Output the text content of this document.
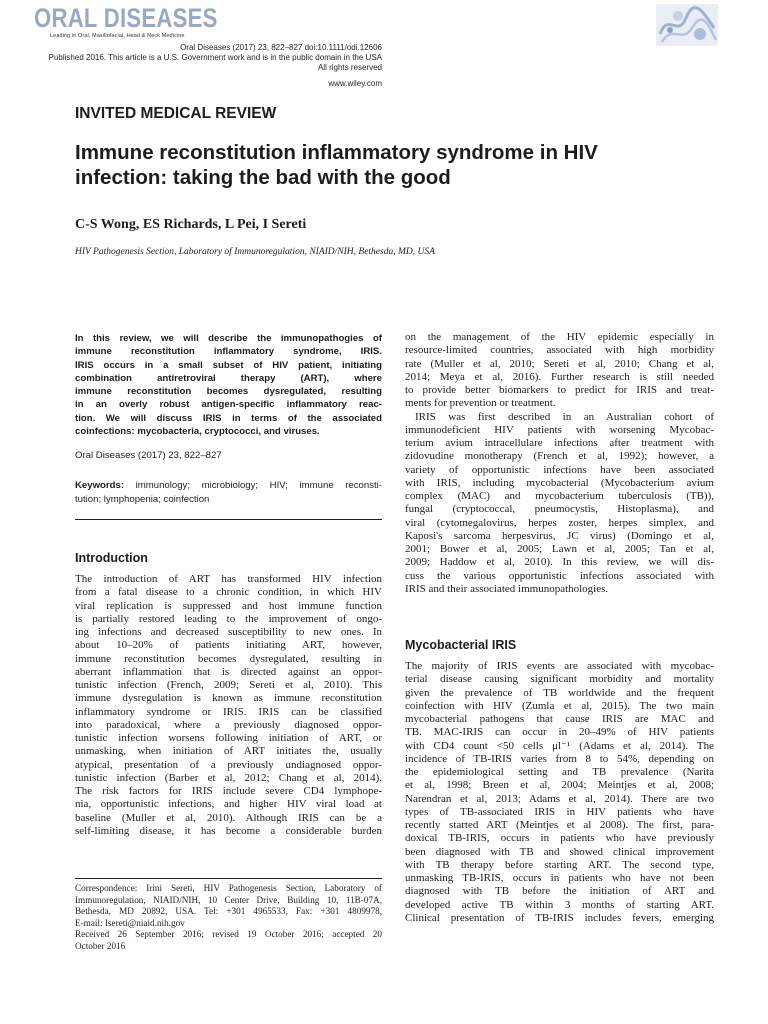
ORAL DISEASES
Leading in Oral, Maxillofacial, Head & Neck Medicine
Oral Diseases (2017) 23, 822–827 doi:10.1111/odi.12606
Published 2016. This article is a U.S. Government work and is in the public domain in the USA
All rights reserved
www.wiley.com
INVITED MEDICAL REVIEW
Immune reconstitution inflammatory syndrome in HIV
infection: taking the bad with the good
C-S Wong, ES Richards, L Pei, I Sereti
HIV Pathogenesis Section, Laboratory of Immunoregulation, NIAID/NIH, Bethesda, MD, USA
In this review, we will describe the immunopathogies of
immune reconstitution inflammatory syndrome, IRIS.
IRIS occurs in a small subset of HIV patient, initiating
combination antiretroviral therapy (ART), where
immune reconstitution becomes dysregulated, resulting
in an overly robust antigen-specific inflammatory reac-
tion. We will discuss IRIS in terms of the associated
coinfections: mycobacteria, cryptococci, and viruses.
Oral Diseases (2017) 23, 822–827
Keywords: immunology; microbiology; HIV; immune reconsti-
tution; lymphopenia; coinfection
Introduction
The introduction of ART has transformed HIV infection
from a fatal disease to a chronic condition, in which HIV
viral replication is suppressed and host immune function
is partially restored leading to the improvement of ongo-
ing infections and decreased susceptibility to new ones. In
about 10–20% of patients initiating ART, however,
immune reconstitution becomes dysregulated, resulting in
aberrant inflammation that is directed against an oppor-
tunistic infection (French, 2009; Sereti et al, 2010). This
immune dysregulation is known as immune reconstitution
inflammatory syndrome or IRIS. IRIS can be classified
into paradoxical, where a previously diagnosed oppor-
tunistic infection worsens following initiation of ART, or
unmasking, when initiation of ART initiates the, usually
atypical, presentation of a previously undiagnosed oppor-
tunistic infection (Barber et al, 2012; Chang et al, 2014).
The risk factors for IRIS include severe CD4 lymphope-
nia, opportunistic infections, and higher HIV viral load at
baseline (Muller et al, 2010). Although IRIS can be a
self-limiting disease, it has become a considerable burden
on the management of the HIV epidemic especially in
resource-limited countries, associated with high morbidity
rate (Muller et al, 2010; Sereti et al, 2010; Chang et al,
2014; Meya et al, 2016). Further research is still needed
to provide better biomarkers to predict for IRIS and treat-
ments for prevention or treatment.
IRIS was first described in an Australian cohort of
immunodeficient HIV patients with worsening Mycobac-
terium avium intracellulare infections after treatment with
zidovudine monotherapy (French et al, 1992); however, a
variety of opportunistic infections have been associated
with IRIS, including mycobacterial (Mycobacterium avium
complex (MAC) and mycobacterium tuberculosis (TB)),
fungal (cryptococcal, pneumocystis, Histoplasma), and
viral (cytomegalovirus, herpes zoster, herpes simplex, and
Kaposi's sarcoma herpesvirus, JC virus) (Domingo et al,
2001; Bower et al, 2005; Lawn et al, 2005; Tan et al,
2009; Haddow et al, 2010). In this review, we will dis-
cuss the various opportunistic infections associated with
IRIS and their associated immunopathologies.
Mycobacterial IRIS
The majority of IRIS events are associated with mycobac-
terial disease causing significant morbidity and mortality
given the prevalence of TB worldwide and the frequent
coinfection with HIV (Zumla et al, 2015). The two main
mycobacterial pathogens that cause IRIS are MAC and
TB. MAC-IRIS can occur in 20–49% of HIV patients
with CD4 count <50 cells μl⁻¹ (Adams et al, 2014). The
incidence of TB-IRIS varies from 8 to 54%, depending on
the epidemiological setting and TB prevalence (Narita
et al, 1998; Breen et al, 2004; Meintjes et al, 2008;
Narendran et al, 2013; Adams et al, 2014). There are two
types of TB-associated IRIS in HIV patients who have
recently started ART (Meintjes et al 2008). The first, para-
doxical TB-IRIS, occurs in patients who have previously
been diagnosed with TB and showed clinical improvement
with TB therapy before starting ART. The second type,
unmasking TB-IRIS, occurs in patients who have not been
diagnosed with TB before the initiation of ART and
developed active TB within 3 months of starting ART.
Clinical presentation of TB-IRIS includes fevers, emerging
Correspondence: Irini Sereti, HIV Pathogenesis Section, Laboratory of
Immunoregulation, NIAID/NIH, 10 Center Drive, Building 10, 11B-07A,
Bethesda, MD 20892, USA. Tel: +301 4965533, Fax: +301 4809978,
E-mail: Isereti@niaid.nih.gov
Received 26 September 2016; revised 19 October 2016; accepted 20
October 2016
